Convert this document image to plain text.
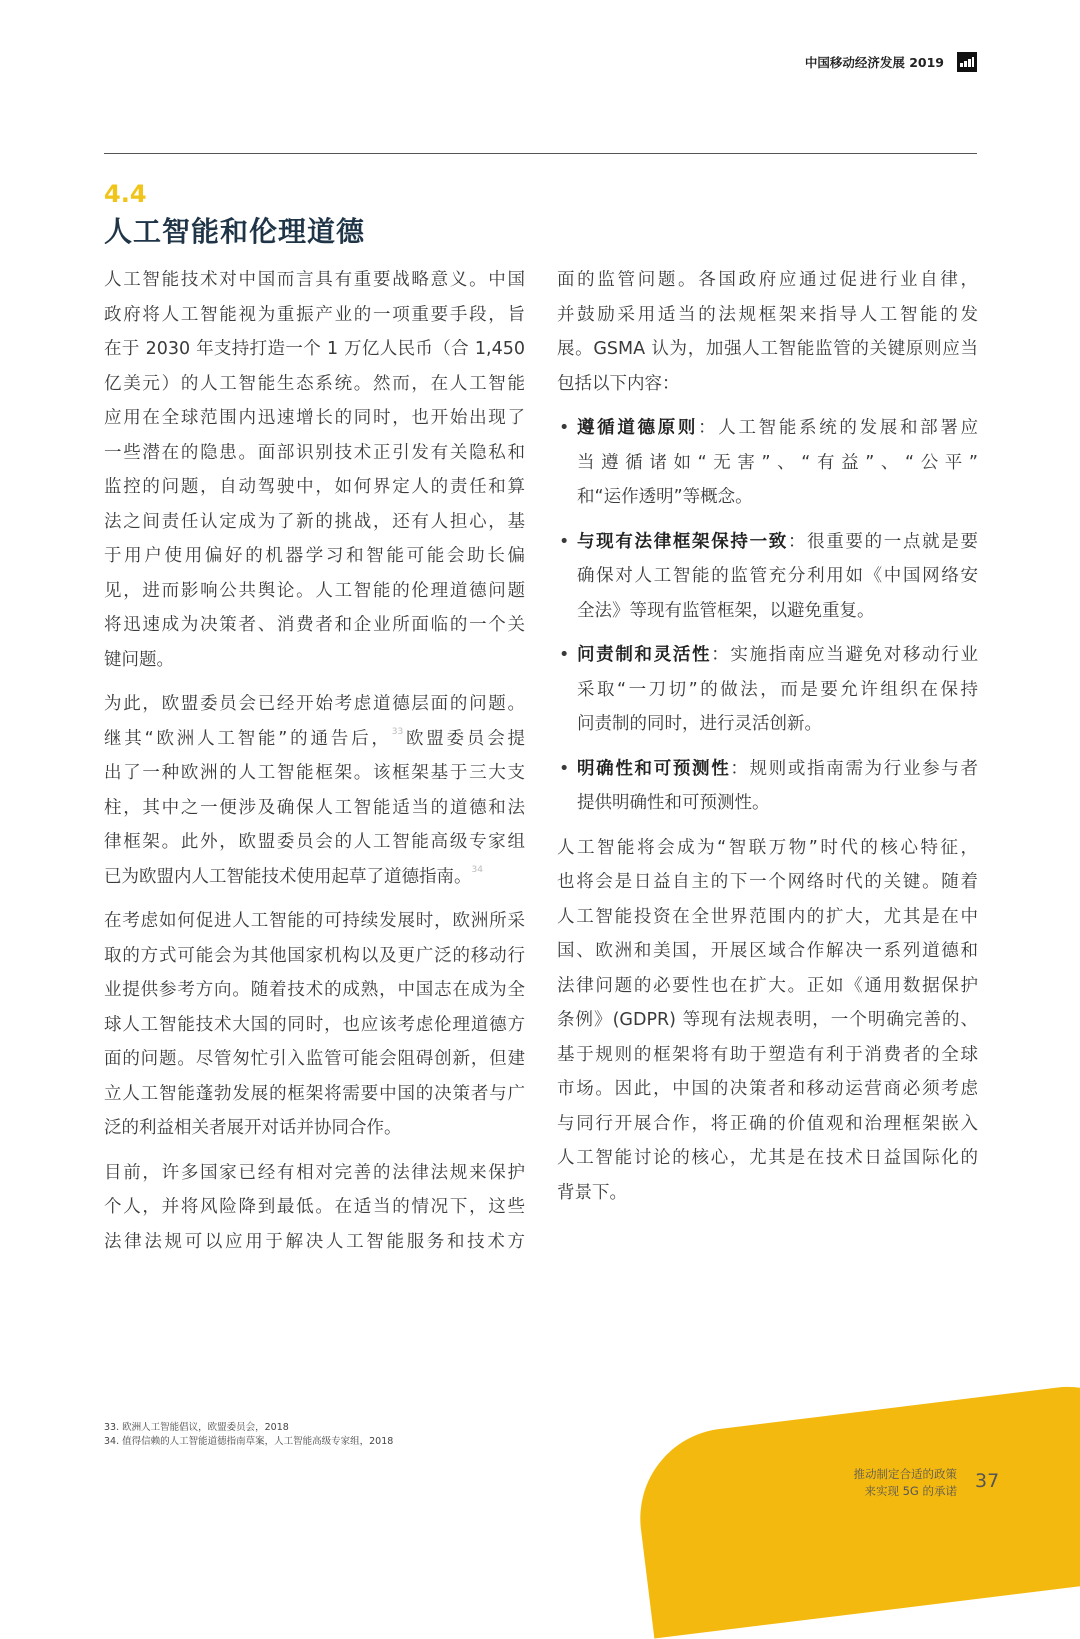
中国移动经济发展 2019
4.4
人工智能和伦理道德
人工智能技术对中国而言具有重要战略意义。中国
政府将人工智能视为重振产业的一项重要手段，旨
在于 2030 年支持打造一个 1 万亿人民币（合 1,450
亿美元）的人工智能生态系统。然而，在人工智能
应用在全球范围内迅速增长的同时，也开始出现了
一些潜在的隐患。面部识别技术正引发有关隐私和
监控的问题，自动驾驶中，如何界定人的责任和算
法之间责任认定成为了新的挑战，还有人担心，基
于用户使用偏好的机器学习和智能可能会助长偏
见，进而影响公共舆论。人工智能的伦理道德问题
将迅速成为决策者、消费者和企业所面临的一个关
键问题。
为此，欧盟委员会已经开始考虑道德层面的问题。
继其“欧洲人工智能”的通告后，$^{33}$欧盟委员会提
出了一种欧洲的人工智能框架。该框架基于三大支
柱，其中之一便涉及确保人工智能适当的道德和法
律框架。此外，欧盟委员会的人工智能高级专家组
已为欧盟内人工智能技术使用起草了道德指南。$^{34}$
在考虑如何促进人工智能的可持续发展时，欧洲所采
取的方式可能会为其他国家机构以及更广泛的移动行
业提供参考方向。随着技术的成熟，中国志在成为全
球人工智能技术大国的同时，也应该考虑伦理道德方
面的问题。尽管匆忙引入监管可能会阻碍创新，但建
立人工智能蓬勃发展的框架将需要中国的决策者与广
泛的利益相关者展开对话并协同合作。
目前，许多国家已经有相对完善的法律法规来保护
个人，并将风险降到最低。在适当的情况下，这些
法律法规可以应用于解决人工智能服务和技术方
面的监管问题。各国政府应通过促进行业自律，
并鼓励采用适当的法规框架来指导人工智能的发
展。GSMA 认为，加强人工智能监管的关键原则应当
包括以下内容：
• 遵循道德原则：人工智能系统的发展和部署应
当遵循诸如“无害”、“有益”、“公平”
和“运作透明”等概念。
• 与现有法律框架保持一致：很重要的一点就是要
确保对人工智能的监管充分利用如《中国网络安
全法》等现有监管框架，以避免重复。
• 问责制和灵活性：实施指南应当避免对移动行业
采取“一刀切”的做法，而是要允许组织在保持
问责制的同时，进行灵活创新。
• 明确性和可预测性：规则或指南需为行业参与者
提供明确性和可预测性。
人工智能将会成为“智联万物”时代的核心特征，
也将会是日益自主的下一个网络时代的关键。随着
人工智能投资在全世界范围内的扩大，尤其是在中
国、欧洲和美国，开展区域合作解决一系列道德和
法律问题的必要性也在扩大。正如《通用数据保护
条例》(GDPR) 等现有法规表明，一个明确完善的、
基于规则的框架将有助于塑造有利于消费者的全球
市场。因此，中国的决策者和移动运营商必须考虑
与同行开展合作，将正确的价值观和治理框架嵌入
人工智能讨论的核心，尤其是在技术日益国际化的
背景下。
33. 欧洲人工智能倡议，欧盟委员会，2018
34. 值得信赖的人工智能道德指南草案，人工智能高级专家组，2018
推动制定合适的政策
来实现 5G 的承诺 37
